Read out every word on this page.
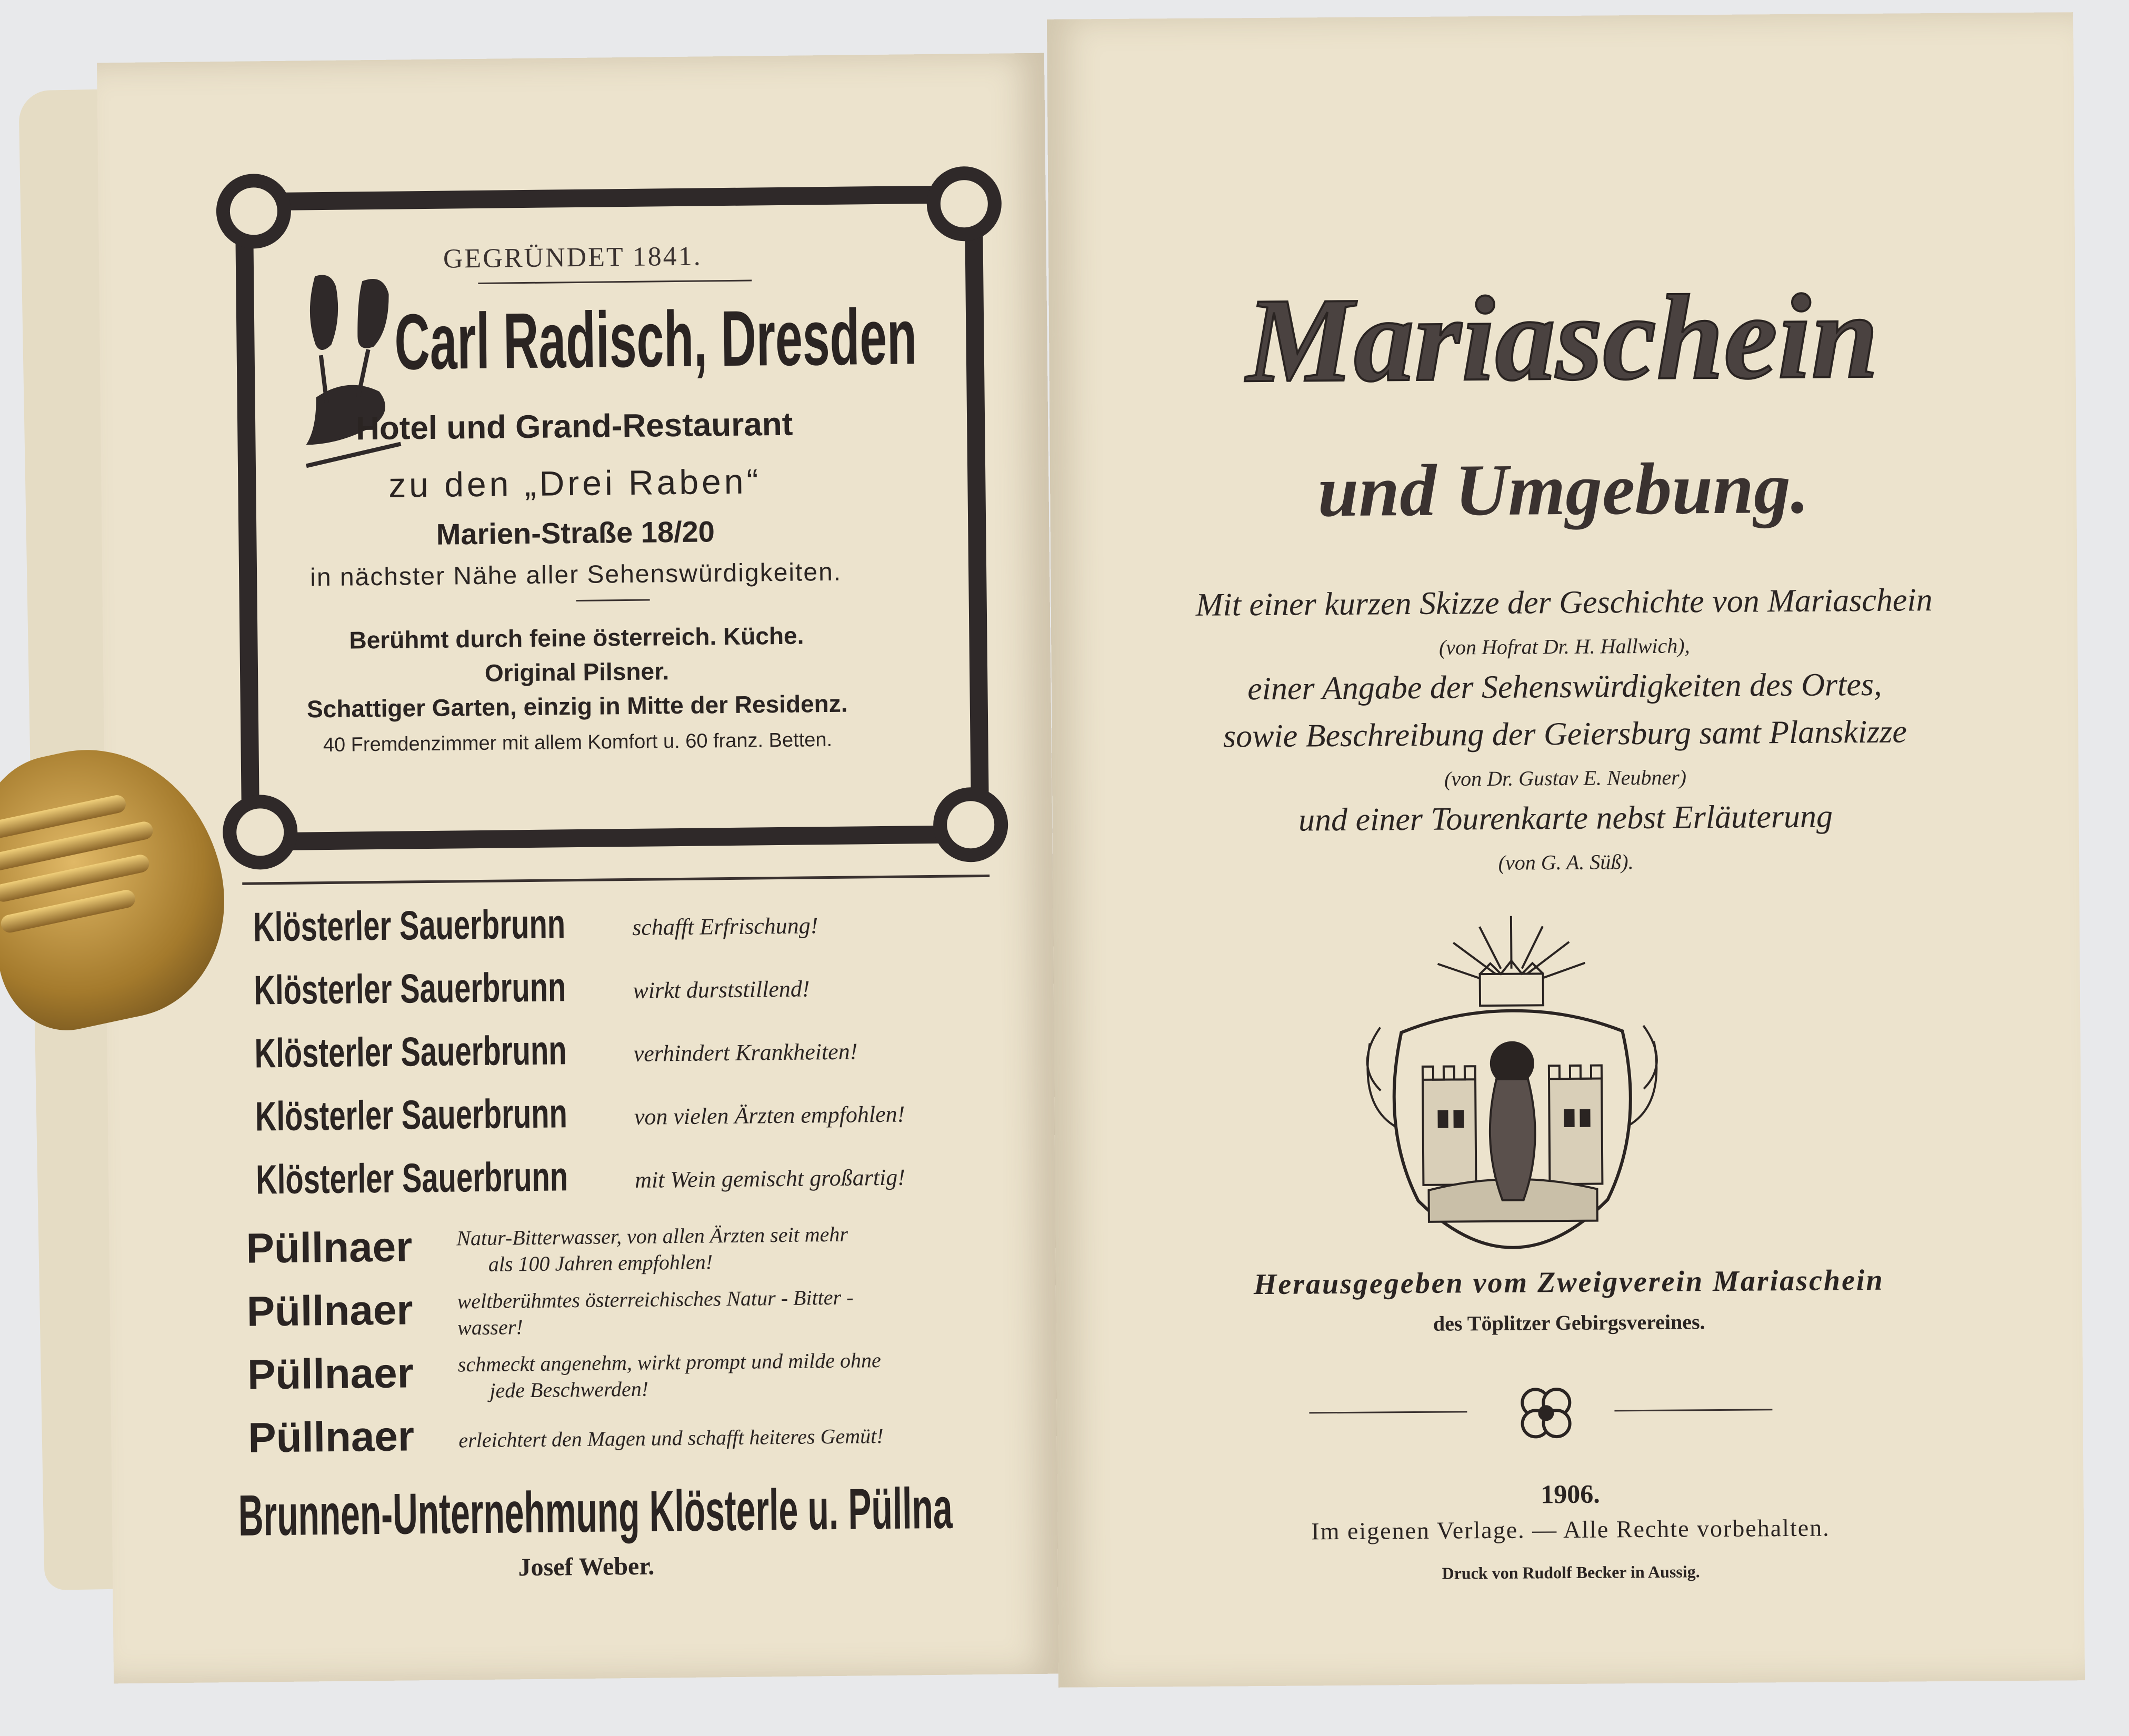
GEGRÜNDET 1841.
Carl Radisch, Dresden
Hotel und Grand-Restaurant
zu den „Drei Raben“
Marien-Straße 18/20
in nächster Nähe aller Sehenswürdigkeiten.
Berühmt durch feine österreich. Küche.
Original Pilsner.
Schattiger Garten, einzig in Mitte der Residenz.
40 Fremdenzimmer mit allem Komfort u. 60 franz. Betten.
Klösterler Sauerbrunn	schafft Erfrischung!
Klösterler Sauerbrunn	wirkt durststillend!
Klösterler Sauerbrunn	verhindert Krankheiten!
Klösterler Sauerbrunn	von vielen Ärzten empfohlen!
Klösterler Sauerbrunn	mit Wein gemischt großartig!
Püllnaer Natur-Bitterwasser, von allen Ärzten seit mehr
als 100 Jahren empfohlen!
Püllnaer weltberühmtes österreichisches Natur - Bitter -
wasser!
Püllnaer schmeckt angenehm, wirkt prompt und milde ohne
jede Beschwerden!
Püllnaer erleichtert den Magen und schafft heiteres Gemüt!
Brunnen-Unternehmung Klösterle u. Püllna
Josef Weber.
Mariaschein
und Umgebung.
Mit einer kurzen Skizze der Geschichte von Mariaschein
(von Hofrat Dr. H. Hallwich),
einer Angabe der Sehenswürdigkeiten des Ortes,
sowie Beschreibung der Geiersburg samt Planskizze
(von Dr. Gustav E. Neubner)
und einer Tourenkarte nebst Erläuterung
(von G. A. Süß).
Herausgegeben vom Zweigverein Mariaschein
des Töplitzer Gebirgsvereines.
1906.
Im eigenen Verlage. — Alle Rechte vorbehalten.
Druck von Rudolf Becker in Aussig.
